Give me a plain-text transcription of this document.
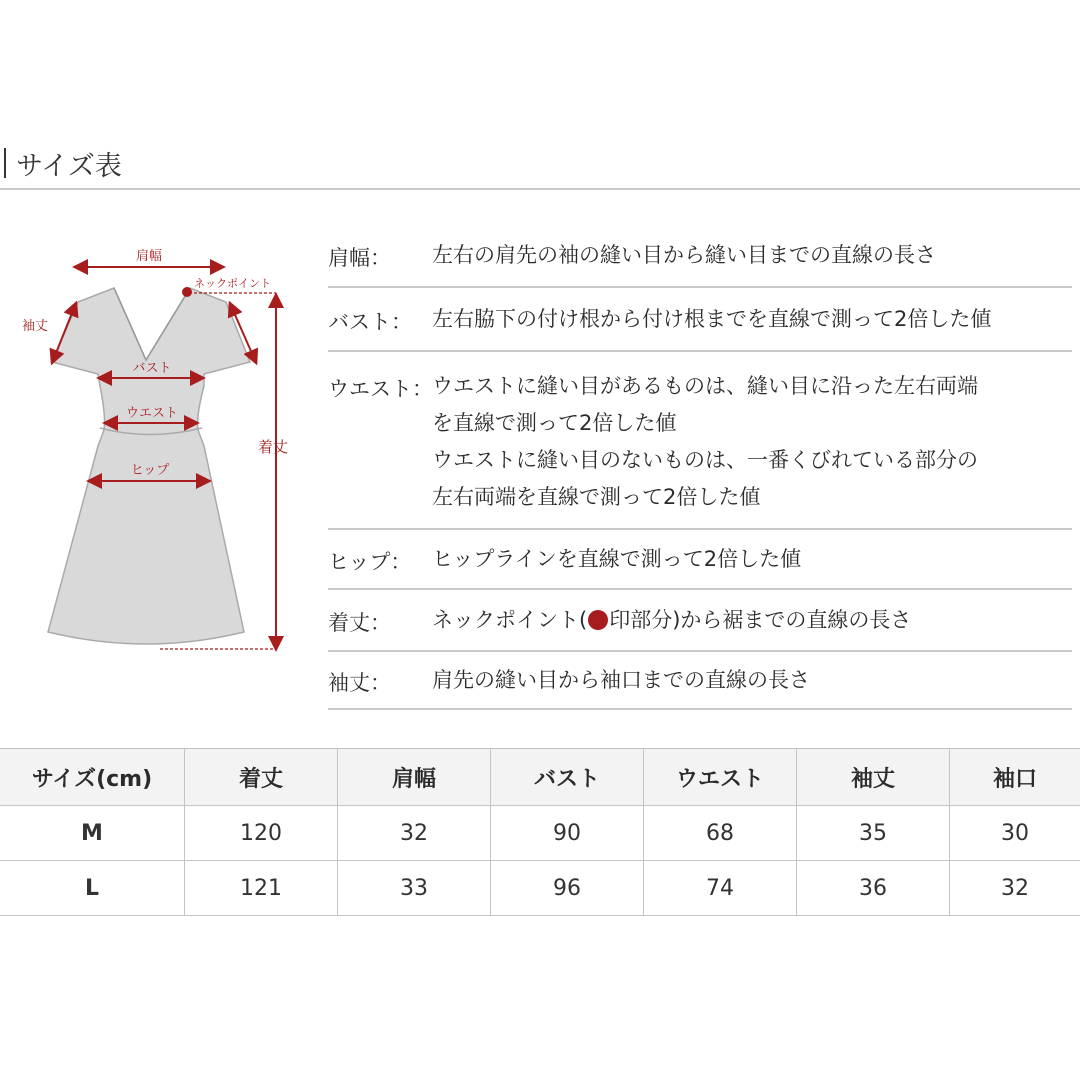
サイズ表
肩幅
ネックポイント
袖丈
バスト
ウエスト
ヒップ
着丈
肩幅： 左右の肩先の袖の縫い目から縫い目までの直線の長さ
バスト： 左右脇下の付け根から付け根までを直線で測って2倍した値
ウエスト： ウエストに縫い目があるものは、縫い目に沿った左右両端
を直線で測って2倍した値
ウエストに縫い目のないものは、一番くびれている部分の
左右両端を直線で測って2倍した値
ヒップ： ヒップラインを直線で測って2倍した値
着丈： ネックポイント( 印部分)から裾までの直線の長さ
袖丈： 肩先の縫い目から袖口までの直線の長さ
サイズ(cm)	着丈	肩幅	バスト	ウエスト	袖丈	袖口
M	120	32	90	68	35	30
L	121	33	96	74	36	32
